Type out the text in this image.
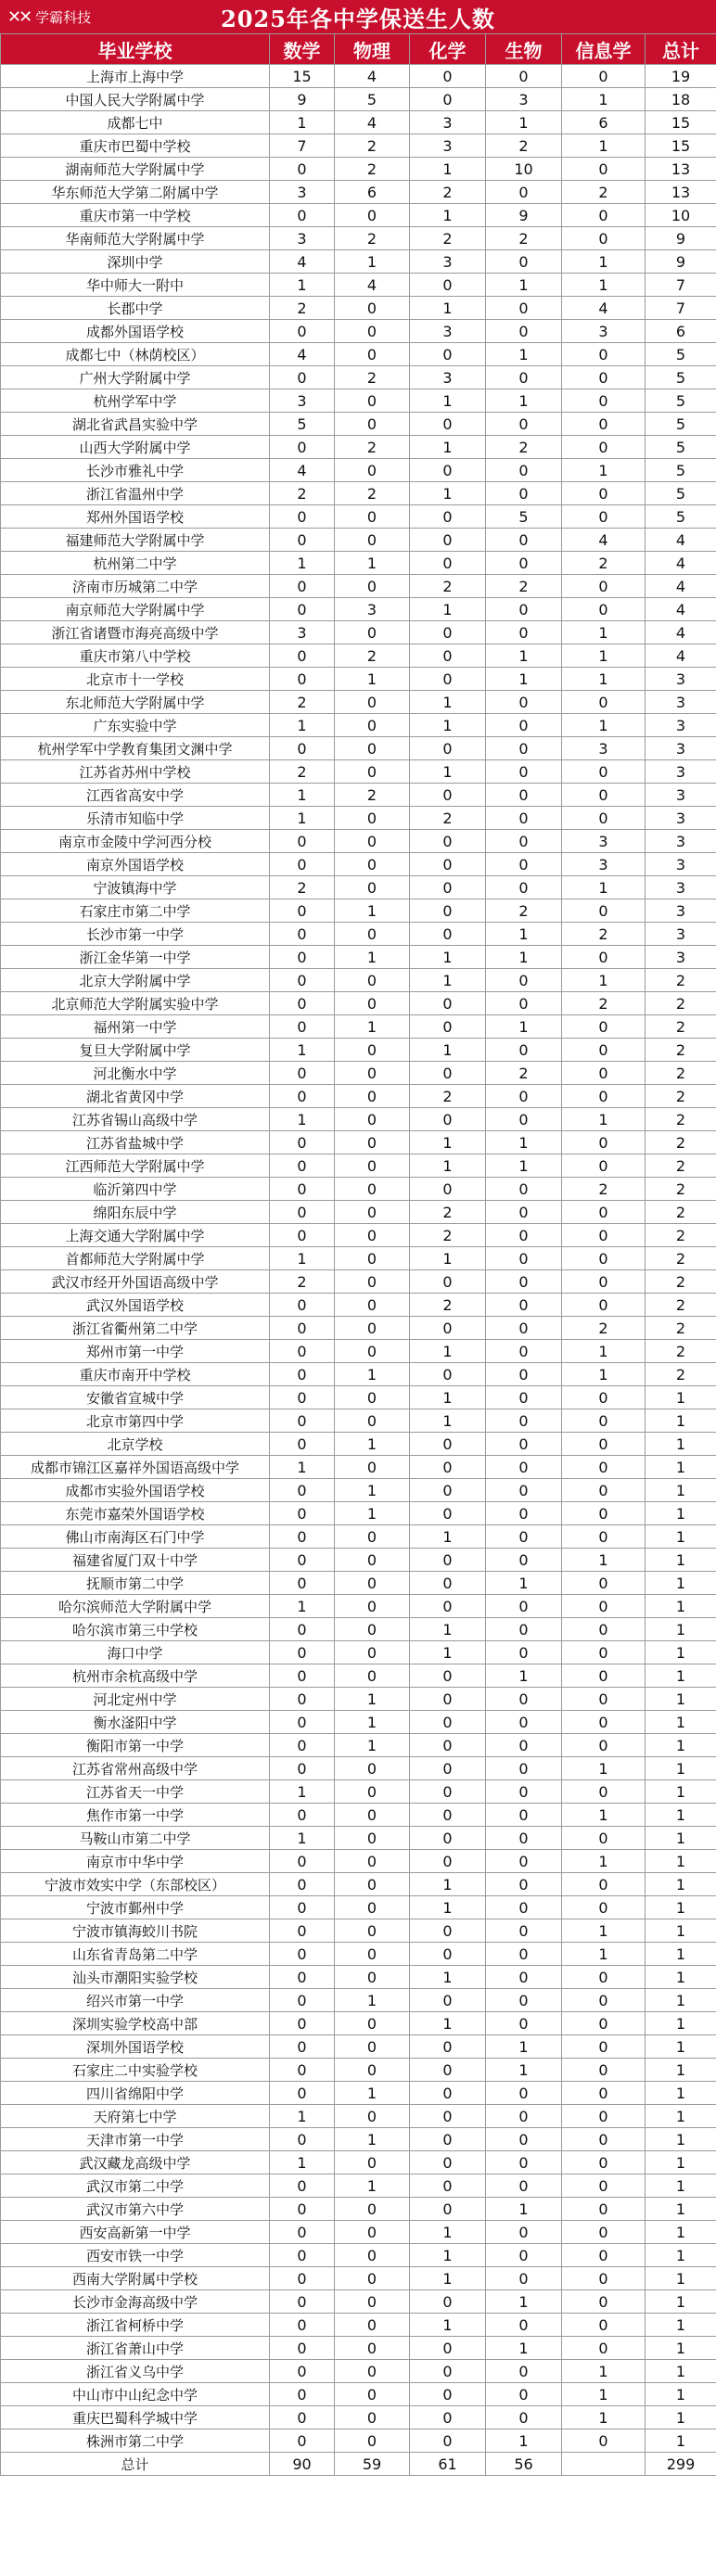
✕✕ 学霸科技	2025年各中学保送生人数
毕业学校	数学	物理	化学	生物	信息学	总计
上海市上海中学	15	4	0	0	0	19
中国人民大学附属中学	9	5	0	3	1	18
成都七中	1	4	3	1	6	15
重庆市巴蜀中学校	7	2	3	2	1	15
湖南师范大学附属中学	0	2	1	10	0	13
华东师范大学第二附属中学	3	6	2	0	2	13
重庆市第一中学校	0	0	1	9	0	10
华南师范大学附属中学	3	2	2	2	0	9
深圳中学	4	1	3	0	1	9
华中师大一附中	1	4	0	1	1	7
长郡中学	2	0	1	0	4	7
成都外国语学校	0	0	3	0	3	6
成都七中（林荫校区）	4	0	0	1	0	5
广州大学附属中学	0	2	3	0	0	5
杭州学军中学	3	0	1	1	0	5
湖北省武昌实验中学	5	0	0	0	0	5
山西大学附属中学	0	2	1	2	0	5
长沙市雅礼中学	4	0	0	0	1	5
浙江省温州中学	2	2	1	0	0	5
郑州外国语学校	0	0	0	5	0	5
福建师范大学附属中学	0	0	0	0	4	4
杭州第二中学	1	1	0	0	2	4
济南市历城第二中学	0	0	2	2	0	4
南京师范大学附属中学	0	3	1	0	0	4
浙江省诸暨市海亮高级中学	3	0	0	0	1	4
重庆市第八中学校	0	2	0	1	1	4
北京市十一学校	0	1	0	1	1	3
东北师范大学附属中学	2	0	1	0	0	3
广东实验中学	1	0	1	0	1	3
杭州学军中学教育集团文渊中学	0	0	0	0	3	3
江苏省苏州中学校	2	0	1	0	0	3
江西省高安中学	1	2	0	0	0	3
乐清市知临中学	1	0	2	0	0	3
南京市金陵中学河西分校	0	0	0	0	3	3
南京外国语学校	0	0	0	0	3	3
宁波镇海中学	2	0	0	0	1	3
石家庄市第二中学	0	1	0	2	0	3
长沙市第一中学	0	0	0	1	2	3
浙江金华第一中学	0	1	1	1	0	3
北京大学附属中学	0	0	1	0	1	2
北京师范大学附属实验中学	0	0	0	0	2	2
福州第一中学	0	1	0	1	0	2
复旦大学附属中学	1	0	1	0	0	2
河北衡水中学	0	0	0	2	0	2
湖北省黄冈中学	0	0	2	0	0	2
江苏省锡山高级中学	1	0	0	0	1	2
江苏省盐城中学	0	0	1	1	0	2
江西师范大学附属中学	0	0	1	1	0	2
临沂第四中学	0	0	0	0	2	2
绵阳东辰中学	0	0	2	0	0	2
上海交通大学附属中学	0	0	2	0	0	2
首都师范大学附属中学	1	0	1	0	0	2
武汉市经开外国语高级中学	2	0	0	0	0	2
武汉外国语学校	0	0	2	0	0	2
浙江省衢州第二中学	0	0	0	0	2	2
郑州市第一中学	0	0	1	0	1	2
重庆市南开中学校	0	1	0	0	1	2
安徽省宣城中学	0	0	1	0	0	1
北京市第四中学	0	0	1	0	0	1
北京学校	0	1	0	0	0	1
成都市锦江区嘉祥外国语高级中学	1	0	0	0	0	1
成都市实验外国语学校	0	1	0	0	0	1
东莞市嘉荣外国语学校	0	1	0	0	0	1
佛山市南海区石门中学	0	0	1	0	0	1
福建省厦门双十中学	0	0	0	0	1	1
抚顺市第二中学	0	0	0	1	0	1
哈尔滨师范大学附属中学	1	0	0	0	0	1
哈尔滨市第三中学校	0	0	1	0	0	1
海口中学	0	0	1	0	0	1
杭州市余杭高级中学	0	0	0	1	0	1
河北定州中学	0	1	0	0	0	1
衡水滏阳中学	0	1	0	0	0	1
衡阳市第一中学	0	1	0	0	0	1
江苏省常州高级中学	0	0	0	0	1	1
江苏省天一中学	1	0	0	0	0	1
焦作市第一中学	0	0	0	0	1	1
马鞍山市第二中学	1	0	0	0	0	1
南京市中华中学	0	0	0	0	1	1
宁波市效实中学（东部校区）	0	0	1	0	0	1
宁波市鄞州中学	0	0	1	0	0	1
宁波市镇海蛟川书院	0	0	0	0	1	1
山东省青岛第二中学	0	0	0	0	1	1
汕头市潮阳实验学校	0	0	1	0	0	1
绍兴市第一中学	0	1	0	0	0	1
深圳实验学校高中部	0	0	1	0	0	1
深圳外国语学校	0	0	0	1	0	1
石家庄二中实验学校	0	0	0	1	0	1
四川省绵阳中学	0	1	0	0	0	1
天府第七中学	1	0	0	0	0	1
天津市第一中学	0	1	0	0	0	1
武汉藏龙高级中学	1	0	0	0	0	1
武汉市第二中学	0	1	0	0	0	1
武汉市第六中学	0	0	0	1	0	1
西安高新第一中学	0	0	1	0	0	1
西安市铁一中学	0	0	1	0	0	1
西南大学附属中学校	0	0	1	0	0	1
长沙市金海高级中学	0	0	0	1	0	1
浙江省柯桥中学	0	0	1	0	0	1
浙江省萧山中学	0	0	0	1	0	1
浙江省义乌中学	0	0	0	0	1	1
中山市中山纪念中学	0	0	0	0	1	1
重庆巴蜀科学城中学	0	0	0	0	1	1
株洲市第二中学	0	0	0	1	0	1
总计	90	59	61	56		299
搜狐号@三河课堂
